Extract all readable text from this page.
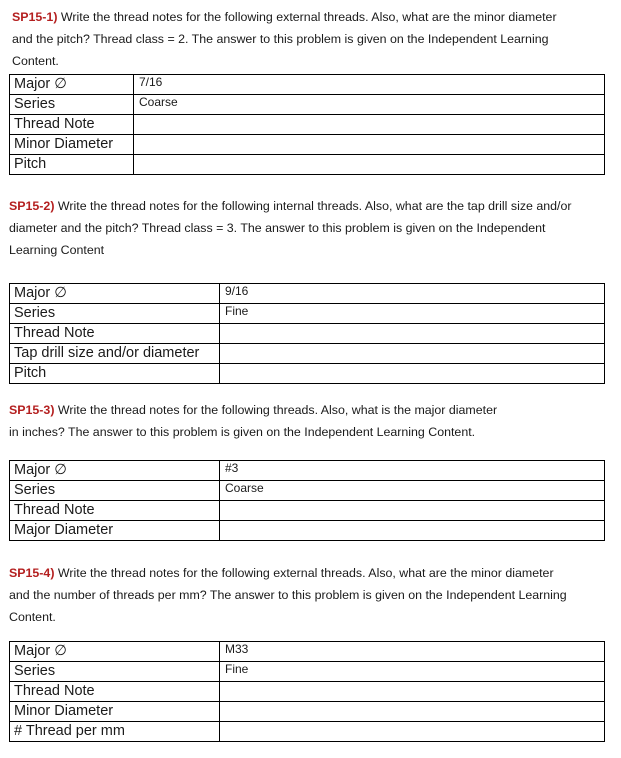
SP15-1) Write the thread notes for the following external threads. Also, what are the minor diameter
and the pitch? Thread class = 2. The answer to this problem is given on the Independent Learning
Content.

Major ∅	7/16
Series	Coarse
Thread Note	
Minor Diameter	
Pitch	

SP15-2) Write the thread notes for the following internal threads. Also, what are the tap drill size and/or
diameter and the pitch? Thread class = 3. The answer to this problem is given on the Independent
Learning Content

Major ∅	9/16
Series	Fine
Thread Note	
Tap drill size and/or diameter	
Pitch	

SP15-3) Write the thread notes for the following threads. Also, what is the major diameter
in inches? The answer to this problem is given on the Independent Learning Content.

Major ∅	#3
Series	Coarse
Thread Note	
Major Diameter	

SP15-4) Write the thread notes for the following external threads. Also, what are the minor diameter
and the number of threads per mm? The answer to this problem is given on the Independent Learning
Content.

Major ∅	M33
Series	Fine
Thread Note	
Minor Diameter	
# Thread per mm	
